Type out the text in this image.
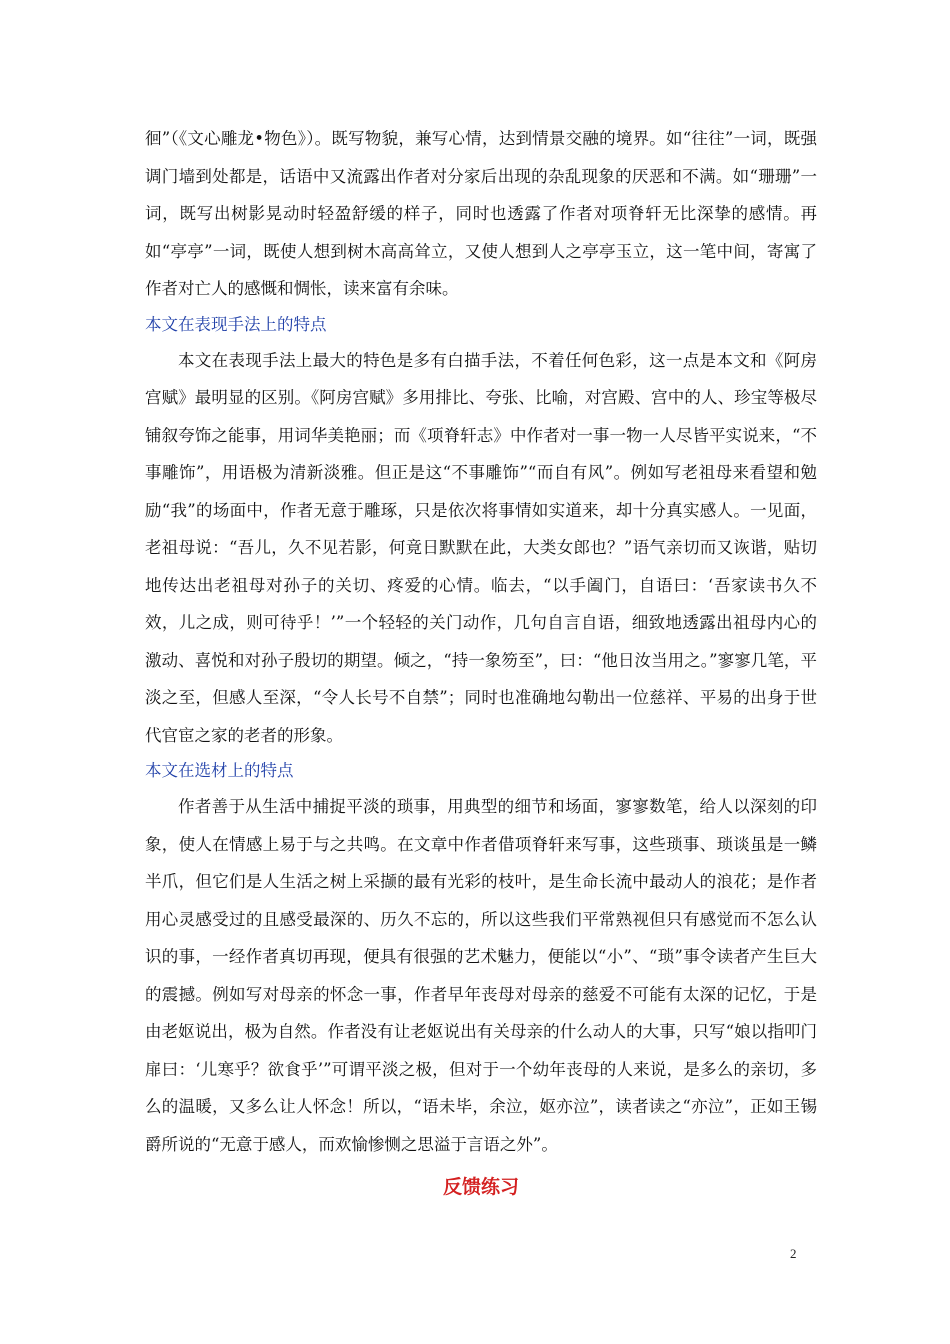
徊”（《文心雕龙•物色》）。既写物貌，兼写心情，达到情景交融的境界。如“往往”一词，既强调门墙到处都是，话语中又流露出作者对分家后出现的杂乱现象的厌恶和不满。如“珊珊”一词，既写出树影晃动时轻盈舒缓的样子，同时也透露了作者对项脊轩无比深挚的感情。再如“亭亭”一词，既使人想到树木高高耸立，又使人想到人之亭亭玉立，这一笔中间，寄寓了作者对亡人的感慨和惆怅，读来富有余味。

本文在表现手法上的特点

本文在表现手法上最大的特色是多有白描手法，不着任何色彩，这一点是本文和《阿房宫赋》最明显的区别。《阿房宫赋》多用排比、夸张、比喻，对宫殿、宫中的人、珍宝等极尽铺叙夸饰之能事，用词华美艳丽；而《项脊轩志》中作者对一事一物一人尽皆平实说来，“不事雕饰”，用语极为清新淡雅。但正是这“不事雕饰”“而自有风”。例如写老祖母来看望和勉励“我”的场面中，作者无意于雕琢，只是依次将事情如实道来，却十分真实感人。一见面，老祖母说：“吾儿，久不见若影，何竟日默默在此，大类女郎也？”语气亲切而又诙谐，贴切地传达出老祖母对孙子的关切、疼爱的心情。临去，“以手阖门，自语曰：‘吾家读书久不效，儿之成，则可待乎！’”一个轻轻的关门动作，几句自言自语，细致地透露出祖母内心的激动、喜悦和对孙子殷切的期望。倾之，“持一象笏至”，曰：“他日汝当用之。”寥寥几笔，平淡之至，但感人至深，“令人长号不自禁”；同时也准确地勾勒出一位慈祥、平易的出身于世代官宦之家的老者的形象。

本文在选材上的特点

作者善于从生活中捕捉平淡的琐事，用典型的细节和场面，寥寥数笔，给人以深刻的印象，使人在情感上易于与之共鸣。在文章中作者借项脊轩来写事，这些琐事、琐谈虽是一鳞半爪，但它们是人生活之树上采撷的最有光彩的枝叶，是生命长流中最动人的浪花；是作者用心灵感受过的且感受最深的、历久不忘的，所以这些我们平常熟视但只有感觉而不怎么认识的事，一经作者真切再现，便具有很强的艺术魅力，便能以“小”、“琐”事令读者产生巨大的震撼。例如写对母亲的怀念一事，作者早年丧母对母亲的慈爱不可能有太深的记忆，于是由老妪说出，极为自然。作者没有让老妪说出有关母亲的什么动人的大事，只写“娘以指叩门扉曰：‘儿寒乎？欲食乎’”可谓平淡之极，但对于一个幼年丧母的人来说，是多么的亲切，多么的温暖，又多么让人怀念！所以，“语未毕，余泣，妪亦泣”，读者读之“亦泣”，正如王锡爵所说的“无意于感人，而欢愉惨恻之思溢于言语之外”。

反馈练习

2
